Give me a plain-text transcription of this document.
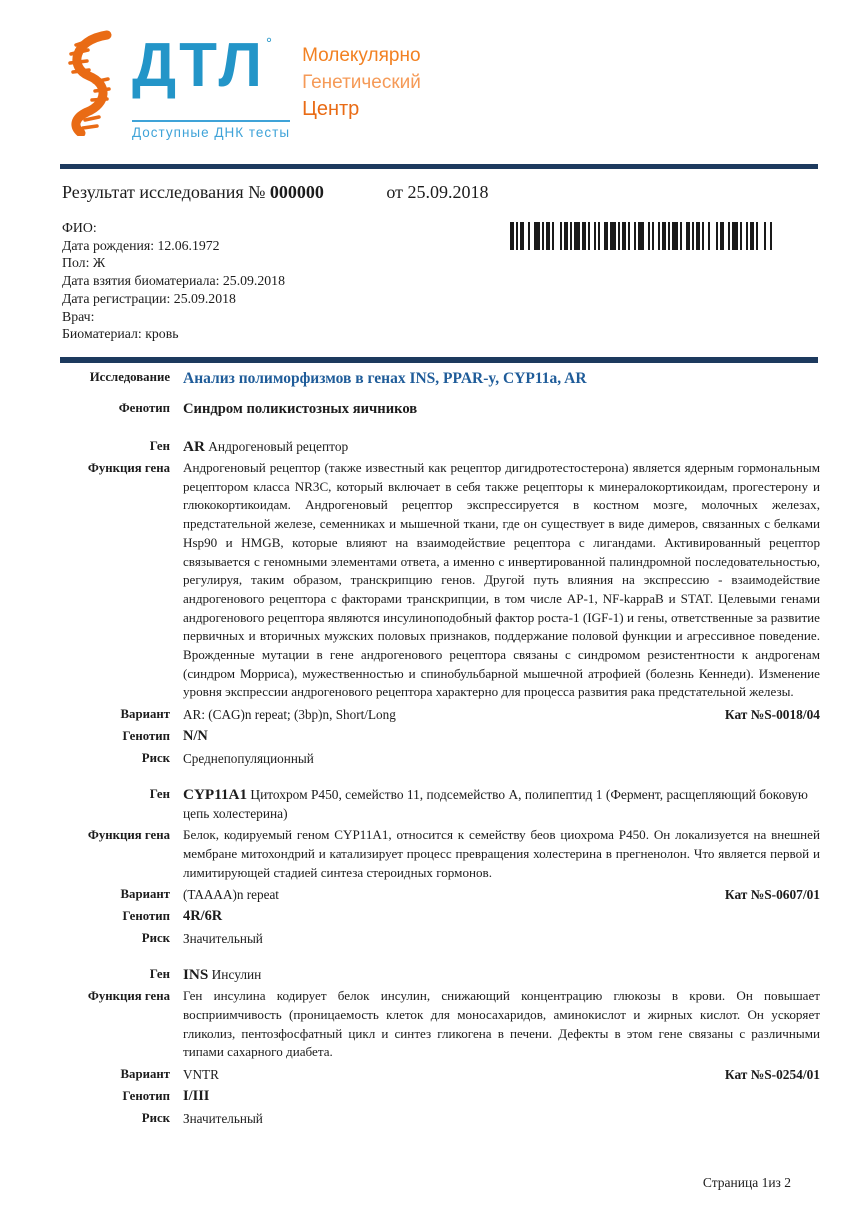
ДТЛ°
Доступные ДНК тесты
Молекулярно
Генетический
Центр
Результат исследования № 000000	от 25.09.2018
ФИО:
Дата рождения: 12.06.1972
Пол: Ж
Дата взятия биоматериала: 25.09.2018
Дата регистрации: 25.09.2018
Врач:
Биоматериал: кровь
Исследование Анализ полиморфизмов в генах INS, PPAR-y, CYP11a, AR
Фенотип Синдром поликистозных яичников
Ген AR Андрогеновый рецептор
Функция гена Андрогеновый рецептор (также известный как рецептор дигидротестостерона) является ядерным гормональным рецептором класса NR3C, который включает в себя также рецепторы к минералокортикоидам, прогестерону и глюкокортикоидам. Андрогеновый рецептор экспрессируется в костном мозге, молочных железах, предстательной железе, семенниках и мышечной ткани, где он существует в виде димеров, связанных с белками Hsp90 и HMGB, которые влияют на взаимодействие рецептора с лигандами. Активированный рецептор связывается с геномными элементами ответа, а именно с инвертированной палиндромной последовательностью, регулируя, таким образом, транскрипцию генов. Другой путь влияния на экспрессию - взаимодействие андрогенового рецептора с факторами транскрипции, в том числе AP-1, NF-kappaB и STAT. Целевыми генами андрогенового рецептора являются инсулиноподобный фактор роста-1 (IGF-1) и гены, ответственные за развитие первичных и вторичных мужских половых признаков, поддержание половой функции и агрессивное поведение. Врожденные мутации в гене андрогенового рецептора связаны с синдромом резистентности к андрогенам (синдром Морриса), мужественностью и спинобульбарной мышечной атрофией (болезнь Кеннеди). Изменение уровня экспрессии андрогенового рецептора характерно для процесса развития рака предстательной железы.
Вариант AR: (CAG)n repeat; (3bp)n, Short/Long	Кат №S-0018/04
Генотип N/N
Риск Среднепопуляционный
Ген CYP11A1 Цитохром P450, семейство 11, подсемейство A, полипептид 1 (Фермент, расщепляющий боковую цепь холестерина)
Функция гена Белок, кодируемый геном CYP11A1, относится к семейству беов циохрома Р450. Он локализуется на внешней мембране митохондрий и катализирует процесс превращения холестерина в прегненолон. Что является первой и лимитирующей стадией синтеза стероидных гормонов.
Вариант (TAAAA)n repeat	Кат №S-0607/01
Генотип 4R/6R
Риск Значительный
Ген INS Инсулин
Функция гена Ген инсулина кодирует белок инсулин, снижающий концентрацию глюкозы в крови. Он повышает восприимчивость (проницаемость клеток для моносахаридов, аминокислот и жирных кислот. Он ускоряет гликолиз, пентозфосфатный цикл и синтез гликогена в печени. Дефекты в этом гене связаны с различными типами сахарного диабета.
Вариант VNTR	Кат №S-0254/01
Генотип I/III
Риск Значительный
Страница 1из 2
